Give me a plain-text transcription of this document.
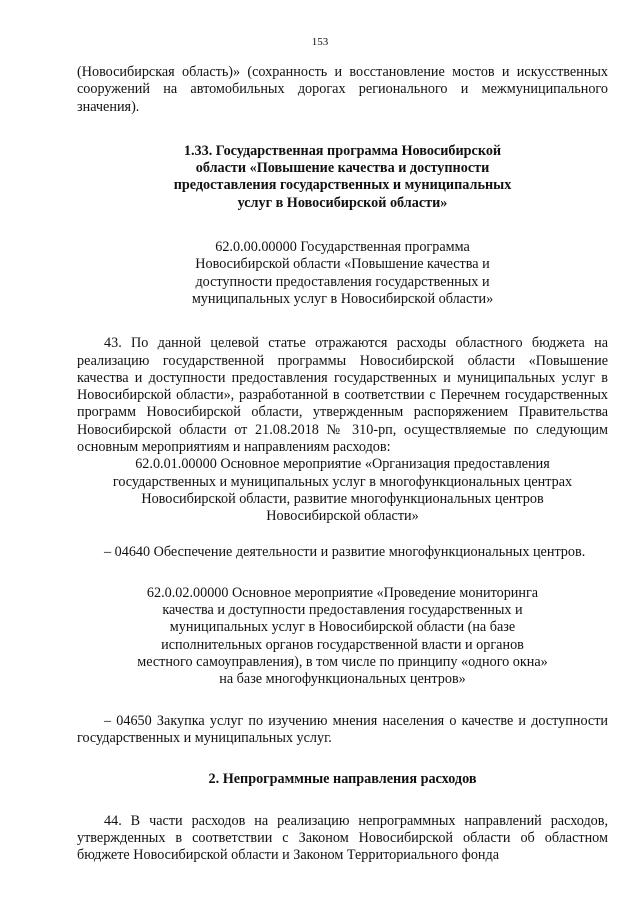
153

(Новосибирская область)» (сохранность и восстановление мостов и искусственных сооружений на автомобильных дорогах регионального и межмуниципального значения).

1.33. Государственная программа Новосибирской области «Повышение качества и доступности предоставления государственных и муниципальных услуг в Новосибирской области»

62.0.00.00000 Государственная программа Новосибирской области «Повышение качества и доступности предоставления государственных и муниципальных услуг в Новосибирской области»

43. По данной целевой статье отражаются расходы областного бюджета на реализацию государственной программы Новосибирской области «Повышение качества и доступности предоставления государственных и муниципальных услуг в Новосибирской области», разработанной в соответствии с Перечнем государственных программ Новосибирской области, утвержденным распоряжением Правительства Новосибирской области от 21.08.2018 № 310-рп, осуществляемые по следующим основным мероприятиям и направлениям расходов:

62.0.01.00000 Основное мероприятие «Организация предоставления государственных и муниципальных услуг в многофункциональных центрах Новосибирской области, развитие многофункциональных центров Новосибирской области»

– 04640 Обеспечение деятельности и развитие многофункциональных центров.

62.0.02.00000 Основное мероприятие «Проведение мониторинга качества и доступности предоставления государственных и муниципальных услуг в Новосибирской области (на базе исполнительных органов государственной власти и органов местного самоуправления), в том числе по принципу «одного окна» на базе многофункциональных центров»

– 04650 Закупка услуг по изучению мнения населения о качестве и доступности государственных и муниципальных услуг.

2. Непрограммные направления расходов

44. В части расходов на реализацию непрограммных направлений расходов, утвержденных в соответствии с Законом Новосибирской области об областном бюджете Новосибирской области и Законом Территориального фонда
